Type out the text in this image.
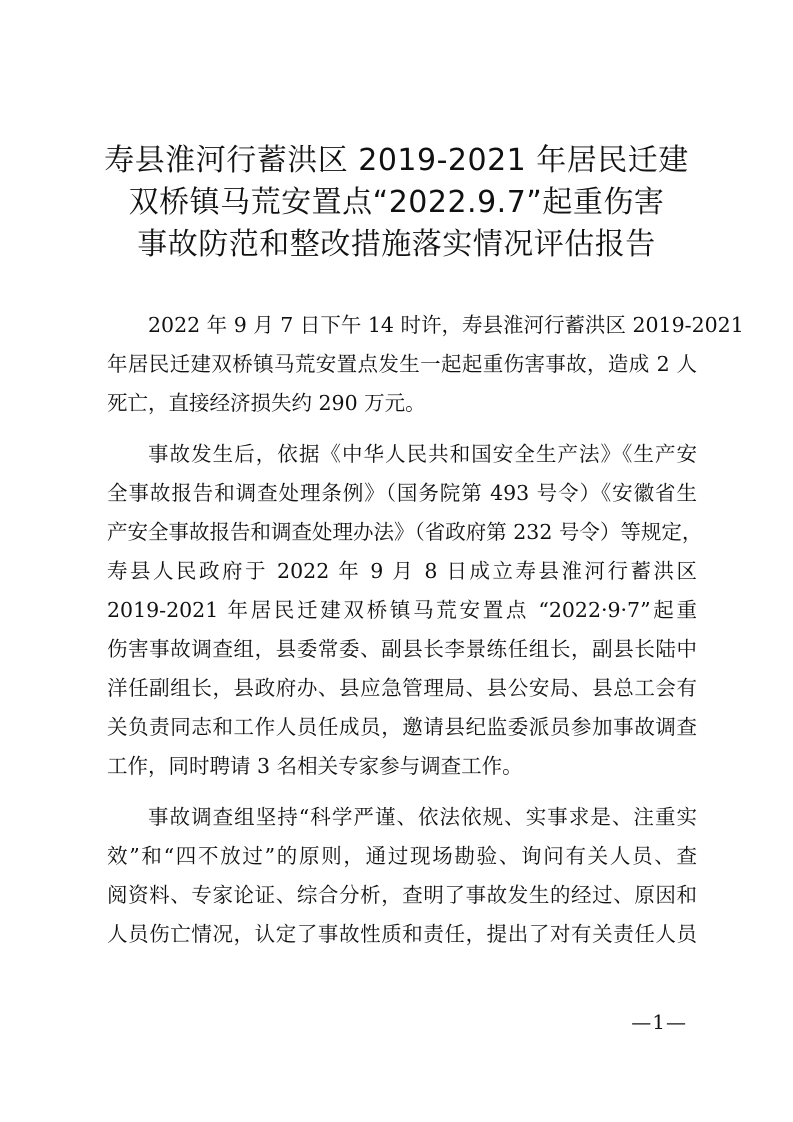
寿县淮河行蓄洪区 2019-2021 年居民迁建
双桥镇马荒安置点“2022.9.7”起重伤害
事故防范和整改措施落实情况评估报告
2022 年 9 月 7 日下午 14 时许，寿县淮河行蓄洪区 2019-2021
年居民迁建双桥镇马荒安置点发生一起起重伤害事故，造成 2 人
死亡，直接经济损失约 290 万元。
事故发生后，依据《中华人民共和国安全生产法》《生产安
全事故报告和调查处理条例》（国务院第 493 号令）《安徽省生
产安全事故报告和调查处理办法》（省政府第 232 号令）等规定，
寿县人民政府于 2022 年 9 月 8 日成立寿县淮河行蓄洪区
2019-2021 年居民迁建双桥镇马荒安置点 “2022·9·7”起重
伤害事故调查组，县委常委、副县长李景练任组长，副县长陆中
洋任副组长，县政府办、县应急管理局、县公安局、县总工会有
关负责同志和工作人员任成员，邀请县纪监委派员参加事故调查
工作，同时聘请 3 名相关专家参与调查工作。
事故调查组坚持“科学严谨、依法依规、实事求是、注重实
效”和“四不放过”的原则，通过现场勘验、询问有关人员、查
阅资料、专家论证、综合分析，查明了事故发生的经过、原因和
人员伤亡情况，认定了事故性质和责任，提出了对有关责任人员
—1—
